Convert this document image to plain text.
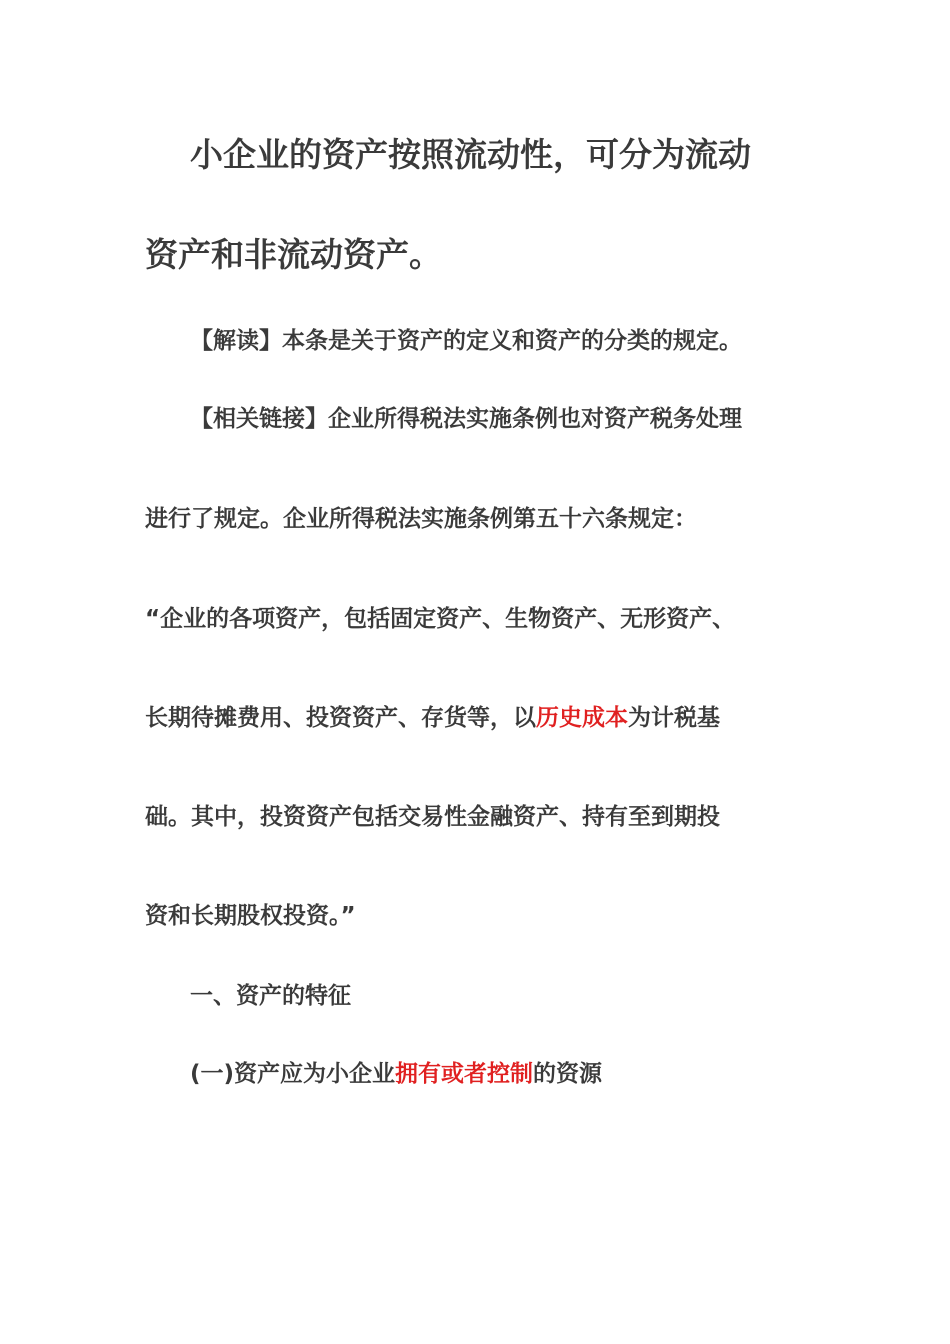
小企业的资产按照流动性，可分为流动
资产和非流动资产。
【解读】本条是关于资产的定义和资产的分类的规定。
【相关链接】企业所得税法实施条例也对资产税务处理
进行了规定。企业所得税法实施条例第五十六条规定：
“企业的各项资产，包括固定资产、生物资产、无形资产、
长期待摊费用、投资资产、存货等，以历史成本为计税基
础。其中，投资资产包括交易性金融资产、持有至到期投
资和长期股权投资。”
一、资产的特征
(一)资产应为小企业拥有或者控制的资源
